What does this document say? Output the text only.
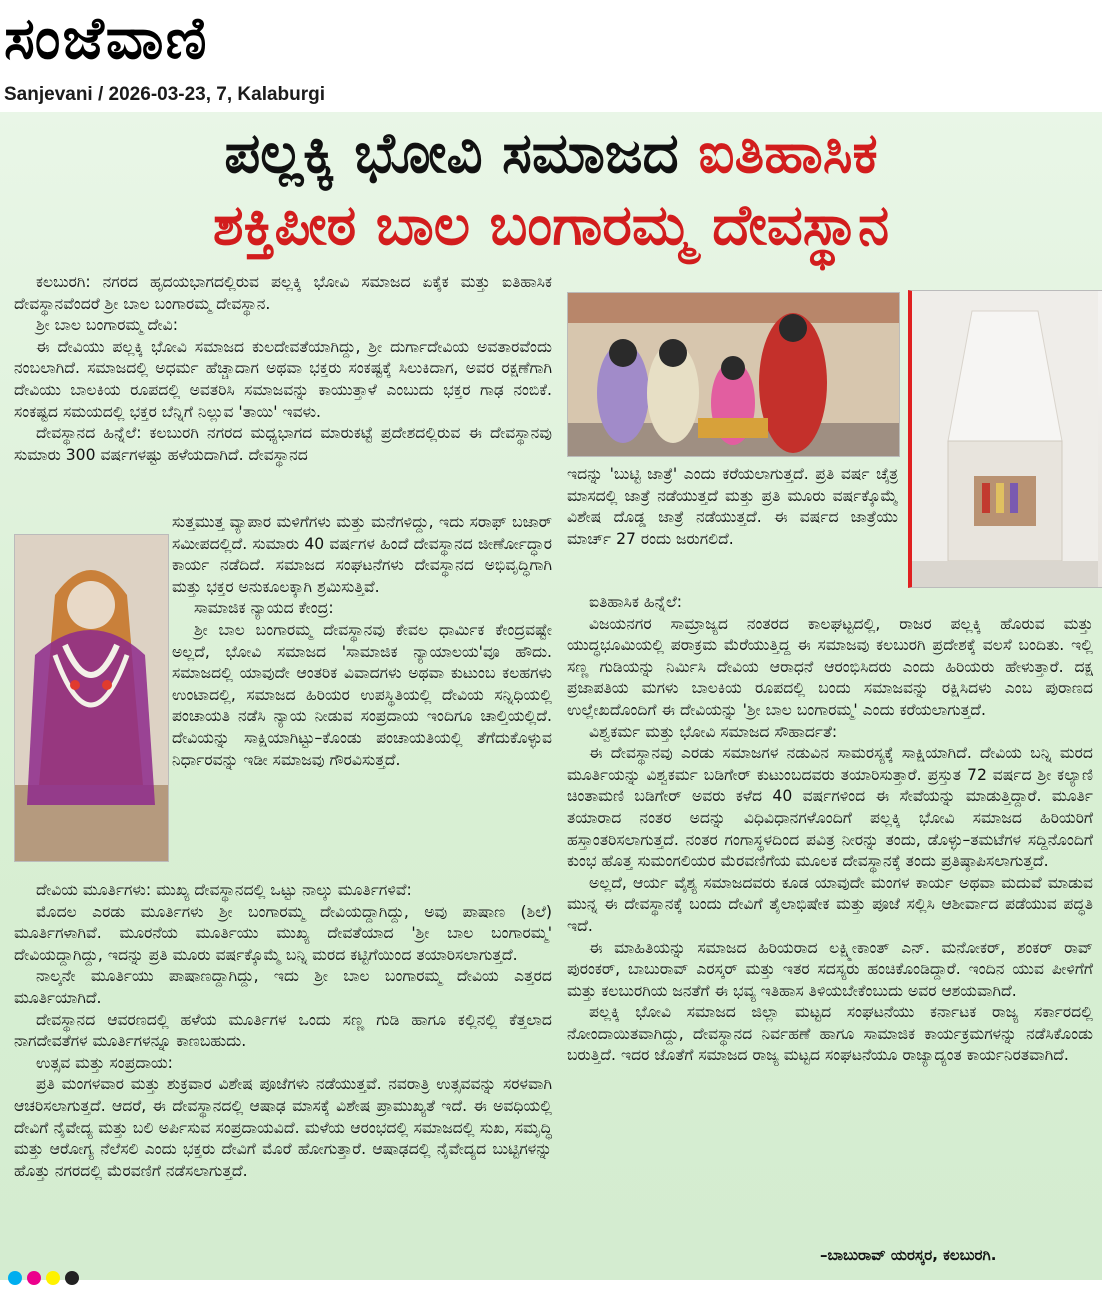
ಸಂಜೆವಾಣಿ
Sanjevani / 2026-03-23, 7, Kalaburgi
ಪಲ್ಲಕ್ಕಿ ಭೋವಿ ಸಮಾಜದ ಐತಿಹಾಸಿಕ
ಶಕ್ತಿಪೀಠ ಬಾಲ ಬಂಗಾರಮ್ಮ ದೇವಸ್ಥಾನ

ಕಲಬುರಗಿ: ನಗರದ ಹೃದಯಭಾಗದಲ್ಲಿರುವ ಪಲ್ಲಕ್ಕಿ ಭೋವಿ ಸಮಾಜದ ಏಕೈಕ ಮತ್ತು ಐತಿಹಾಸಿಕ ದೇವಸ್ಥಾನವೆಂದರೆ ಶ್ರೀ ಬಾಲ ಬಂಗಾರಮ್ಮ ದೇವಸ್ಥಾನ.

ಶ್ರೀ ಬಾಲ ಬಂಗಾರಮ್ಮ ದೇವಿ:

ಈ ದೇವಿಯು ಪಲ್ಲಕ್ಕಿ ಭೋವಿ ಸಮಾಜದ ಕುಲದೇವತೆಯಾಗಿದ್ದು, ಶ್ರೀ ದುರ್ಗಾದೇವಿಯ ಅವತಾರವೆಂದು ನಂಬಲಾಗಿದೆ. ಸಮಾಜದಲ್ಲಿ ಅಧರ್ಮ ಹೆಚ್ಚಾದಾಗ ಅಥವಾ ಭಕ್ತರು ಸಂಕಷ್ಟಕ್ಕೆ ಸಿಲುಕಿದಾಗ, ಅವರ ರಕ್ಷಣೆಗಾಗಿ ದೇವಿಯು ಬಾಲಕಿಯ ರೂಪದಲ್ಲಿ ಅವತರಿಸಿ ಸಮಾಜವನ್ನು ಕಾಯುತ್ತಾಳೆ ಎಂಬುದು ಭಕ್ತರ ಗಾಢ ನಂಬಿಕೆ. ಸಂಕಷ್ಟದ ಸಮಯದಲ್ಲಿ ಭಕ್ತರ ಬೆನ್ನಿಗೆ ನಿಲ್ಲುವ 'ತಾಯಿ' ಇವಳು.

ದೇವಸ್ಥಾನದ ಹಿನ್ನೆಲೆ: ಕಲಬುರಗಿ ನಗರದ ಮಧ್ಯಭಾಗದ ಮಾರುಕಟ್ಟೆ ಪ್ರದೇಶದಲ್ಲಿರುವ ಈ ದೇವಸ್ಥಾನವು ಸುಮಾರು 300 ವರ್ಷಗಳಷ್ಟು ಹಳೆಯದಾಗಿದೆ. ದೇವಸ್ಥಾನದ

ಸುತ್ತಮುತ್ತ ವ್ಯಾಪಾರ ಮಳಿಗೆಗಳು ಮತ್ತು ಮನೆಗಳಿದ್ದು, ಇದು ಸರಾಫ್ ಬಜಾರ್ ಸಮೀಪದಲ್ಲಿದೆ. ಸುಮಾರು 40 ವರ್ಷಗಳ ಹಿಂದೆ ದೇವಸ್ಥಾನದ ಜೀರ್ಣೋದ್ಧಾರ ಕಾರ್ಯ ನಡೆದಿದೆ. ಸಮಾಜದ ಸಂಘಟನೆಗಳು ದೇವಸ್ಥಾನದ ಅಭಿವೃದ್ಧಿಗಾಗಿ ಮತ್ತು ಭಕ್ತರ ಅನುಕೂಲಕ್ಕಾಗಿ ಶ್ರಮಿಸುತ್ತಿವೆ.

ಸಾಮಾಜಿಕ ನ್ಯಾಯದ ಕೇಂದ್ರ:

ಶ್ರೀ ಬಾಲ ಬಂಗಾರಮ್ಮ ದೇವಸ್ಥಾನವು ಕೇವಲ ಧಾರ್ಮಿಕ ಕೇಂದ್ರವಷ್ಟೇ ಅಲ್ಲದೆ, ಭೋವಿ ಸಮಾಜದ 'ಸಾಮಾಜಿಕ ನ್ಯಾಯಾಲಯ'ವೂ ಹೌದು. ಸಮಾಜದಲ್ಲಿ ಯಾವುದೇ ಆಂತರಿಕ ವಿವಾದಗಳು ಅಥವಾ ಕುಟುಂಬ ಕಲಹಗಳು ಉಂಟಾದಲ್ಲಿ, ಸಮಾಜದ ಹಿರಿಯರ ಉಪಸ್ಥಿತಿಯಲ್ಲಿ ದೇವಿಯ ಸನ್ನಿಧಿಯಲ್ಲಿ ಪಂಚಾಯತಿ ನಡೆಸಿ ನ್ಯಾಯ ನೀಡುವ ಸಂಪ್ರದಾಯ ಇಂದಿಗೂ ಚಾಲ್ತಿಯಲ್ಲಿದೆ. ದೇವಿಯನ್ನು ಸಾಕ್ಷಿಯಾಗಿಟ್ಟು–ಕೊಂಡು ಪಂಚಾಯತಿಯಲ್ಲಿ ತೆಗೆದುಕೊಳ್ಳುವ ನಿರ್ಧಾರವನ್ನು ಇಡೀ ಸಮಾಜವು ಗೌರವಿಸುತ್ತದೆ.

ದೇವಿಯ ಮೂರ್ತಿಗಳು: ಮುಖ್ಯ ದೇವಸ್ಥಾನದಲ್ಲಿ ಒಟ್ಟು ನಾಲ್ಕು ಮೂರ್ತಿಗಳಿವೆ:

ಮೊದಲ ಎರಡು ಮೂರ್ತಿಗಳು ಶ್ರೀ ಬಂಗಾರಮ್ಮ ದೇವಿಯದ್ದಾಗಿದ್ದು, ಅವು ಪಾಷಾಣ (ಶಿಲೆ) ಮೂರ್ತಿಗಳಾಗಿವೆ. ಮೂರನೆಯ ಮೂರ್ತಿಯು ಮುಖ್ಯ ದೇವತೆಯಾದ 'ಶ್ರೀ ಬಾಲ ಬಂಗಾರಮ್ಮ' ದೇವಿಯದ್ದಾಗಿದ್ದು, ಇದನ್ನು ಪ್ರತಿ ಮೂರು ವರ್ಷಕ್ಕೊಮ್ಮೆ ಬನ್ನಿ ಮರದ ಕಟ್ಟಿಗೆಯಿಂದ ತಯಾರಿಸಲಾಗುತ್ತದೆ.

ನಾಲ್ಕನೇ ಮೂರ್ತಿಯು ಪಾಷಾಣದ್ದಾಗಿದ್ದು, ಇದು ಶ್ರೀ ಬಾಲ ಬಂಗಾರಮ್ಮ ದೇವಿಯ ಎತ್ತರದ ಮೂರ್ತಿಯಾಗಿದೆ.

ದೇವಸ್ಥಾನದ ಆವರಣದಲ್ಲಿ ಹಳೆಯ ಮೂರ್ತಿಗಳ ಒಂದು ಸಣ್ಣ ಗುಡಿ ಹಾಗೂ ಕಲ್ಲಿನಲ್ಲಿ ಕೆತ್ತಲಾದ ನಾಗದೇವತೆಗಳ ಮೂರ್ತಿಗಳನ್ನೂ ಕಾಣಬಹುದು.

ಉತ್ಸವ ಮತ್ತು ಸಂಪ್ರದಾಯ:

ಪ್ರತಿ ಮಂಗಳವಾರ ಮತ್ತು ಶುಕ್ರವಾರ ವಿಶೇಷ ಪೂಜೆಗಳು ನಡೆಯುತ್ತವೆ. ನವರಾತ್ರಿ ಉತ್ಸವವನ್ನು ಸರಳವಾಗಿ ಆಚರಿಸಲಾಗುತ್ತದೆ. ಆದರೆ, ಈ ದೇವಸ್ಥಾನದಲ್ಲಿ ಆಷಾಢ ಮಾಸಕ್ಕೆ ವಿಶೇಷ ಪ್ರಾಮುಖ್ಯತೆ ಇದೆ. ಈ ಅವಧಿಯಲ್ಲಿ ದೇವಿಗೆ ನೈವೇದ್ಯ ಮತ್ತು ಬಲಿ ಅರ್ಪಿಸುವ ಸಂಪ್ರದಾಯವಿದೆ. ಮಳೆಯ ಆರಂಭದಲ್ಲಿ ಸಮಾಜದಲ್ಲಿ ಸುಖ, ಸಮೃದ್ಧಿ ಮತ್ತು ಆರೋಗ್ಯ ನೆಲೆಸಲಿ ಎಂದು ಭಕ್ತರು ದೇವಿಗೆ ಮೊರೆ ಹೋಗುತ್ತಾರೆ. ಆಷಾಢದಲ್ಲಿ ನೈವೇದ್ಯದ ಬುಟ್ಟಿಗಳನ್ನು ಹೊತ್ತು ನಗರದಲ್ಲಿ ಮೆರವಣಿಗೆ ನಡೆಸಲಾಗುತ್ತದೆ.

ಇದನ್ನು 'ಬುಟ್ಟಿ ಜಾತ್ರೆ' ಎಂದು ಕರೆಯಲಾಗುತ್ತದೆ. ಪ್ರತಿ ವರ್ಷ ಚೈತ್ರ ಮಾಸದಲ್ಲಿ ಜಾತ್ರೆ ನಡೆಯುತ್ತದೆ ಮತ್ತು ಪ್ರತಿ ಮೂರು ವರ್ಷಕ್ಕೊಮ್ಮೆ ವಿಶೇಷ ದೊಡ್ಡ ಜಾತ್ರೆ ನಡೆಯುತ್ತದೆ. ಈ ವರ್ಷದ ಜಾತ್ರೆಯು ಮಾರ್ಚ್ 27 ರಂದು ಜರುಗಲಿದೆ.

ಐತಿಹಾಸಿಕ ಹಿನ್ನೆಲೆ:

ವಿಜಯನಗರ ಸಾಮ್ರಾಜ್ಯದ ನಂತರದ ಕಾಲಘಟ್ಟದಲ್ಲಿ, ರಾಜರ ಪಲ್ಲಕ್ಕಿ ಹೊರುವ ಮತ್ತು ಯುದ್ಧಭೂಮಿಯಲ್ಲಿ ಪರಾಕ್ರಮ ಮೆರೆಯುತ್ತಿದ್ದ ಈ ಸಮಾಜವು ಕಲಬುರಗಿ ಪ್ರದೇಶಕ್ಕೆ ವಲಸೆ ಬಂದಿತು. ಇಲ್ಲಿ ಸಣ್ಣ ಗುಡಿಯನ್ನು ನಿರ್ಮಿಸಿ ದೇವಿಯ ಆರಾಧನೆ ಆರಂಭಿಸಿದರು ಎಂದು ಹಿರಿಯರು ಹೇಳುತ್ತಾರೆ. ದಕ್ಷ ಪ್ರಜಾಪತಿಯ ಮಗಳು ಬಾಲಕಿಯ ರೂಪದಲ್ಲಿ ಬಂದು ಸಮಾಜವನ್ನು ರಕ್ಷಿಸಿದಳು ಎಂಬ ಪುರಾಣದ ಉಲ್ಲೇಖದೊಂದಿಗೆ ಈ ದೇವಿಯನ್ನು 'ಶ್ರೀ ಬಾಲ ಬಂಗಾರಮ್ಮ' ಎಂದು ಕರೆಯಲಾಗುತ್ತದೆ.

ವಿಶ್ವಕರ್ಮ ಮತ್ತು ಭೋವಿ ಸಮಾಜದ ಸೌಹಾರ್ದತೆ:

ಈ ದೇವಸ್ಥಾನವು ಎರಡು ಸಮಾಜಗಳ ನಡುವಿನ ಸಾಮರಸ್ಯಕ್ಕೆ ಸಾಕ್ಷಿಯಾಗಿದೆ. ದೇವಿಯ ಬನ್ನಿ ಮರದ ಮೂರ್ತಿಯನ್ನು ವಿಶ್ವಕರ್ಮ ಬಡಿಗೇರ್ ಕುಟುಂಬದವರು ತಯಾರಿಸುತ್ತಾರೆ. ಪ್ರಸ್ತುತ 72 ವರ್ಷದ ಶ್ರೀ ಕಲ್ಯಾಣಿ ಚಿಂತಾಮಣಿ ಬಡಿಗೇರ್ ಅವರು ಕಳೆದ 40 ವರ್ಷಗಳಿಂದ ಈ ಸೇವೆಯನ್ನು ಮಾಡುತ್ತಿದ್ದಾರೆ. ಮೂರ್ತಿ ತಯಾರಾದ ನಂತರ ಅದನ್ನು ವಿಧಿವಿಧಾನಗಳೊಂದಿಗೆ ಪಲ್ಲಕ್ಕಿ ಭೋವಿ ಸಮಾಜದ ಹಿರಿಯರಿಗೆ ಹಸ್ತಾಂತರಿಸಲಾಗುತ್ತದೆ. ನಂತರ ಗಂಗಾಸ್ಥಳದಿಂದ ಪವಿತ್ರ ನೀರನ್ನು ತಂದು, ಡೊಳ್ಳು–ತಮಟೆಗಳ ಸದ್ದಿನೊಂದಿಗೆ ಕುಂಭ ಹೊತ್ತ ಸುಮಂಗಲಿಯರ ಮೆರವಣಿಗೆಯ ಮೂಲಕ ದೇವಸ್ಥಾನಕ್ಕೆ ತಂದು ಪ್ರತಿಷ್ಠಾಪಿಸಲಾಗುತ್ತದೆ.

ಅಲ್ಲದೆ, ಆರ್ಯ ವೈಶ್ಯ ಸಮಾಜದವರು ಕೂಡ ಯಾವುದೇ ಮಂಗಳ ಕಾರ್ಯ ಅಥವಾ ಮದುವೆ ಮಾಡುವ ಮುನ್ನ ಈ ದೇವಸ್ಥಾನಕ್ಕೆ ಬಂದು ದೇವಿಗೆ ತೈಲಾಭಿಷೇಕ ಮತ್ತು ಪೂಜೆ ಸಲ್ಲಿಸಿ ಆಶೀರ್ವಾದ ಪಡೆಯುವ ಪದ್ಧತಿ ಇದೆ.

ಈ ಮಾಹಿತಿಯನ್ನು ಸಮಾಜದ ಹಿರಿಯರಾದ ಲಕ್ಷ್ಮೀಕಾಂತ್ ಎನ್. ಮನೋಕರ್, ಶಂಕರ್ ರಾವ್ ಪುರಂಕರ್, ಬಾಬುರಾವ್ ಎರಸ್ಕರ್ ಮತ್ತು ಇತರ ಸದಸ್ಯರು ಹಂಚಿಕೊಂಡಿದ್ದಾರೆ. ಇಂದಿನ ಯುವ ಪೀಳಿಗೆಗೆ ಮತ್ತು ಕಲಬುರಗಿಯ ಜನತೆಗೆ ಈ ಭವ್ಯ ಇತಿಹಾಸ ತಿಳಿಯಬೇಕೆಂಬುದು ಅವರ ಆಶಯವಾಗಿದೆ.

ಪಲ್ಲಕ್ಕಿ ಭೋವಿ ಸಮಾಜದ ಜಿಲ್ಲಾ ಮಟ್ಟದ ಸಂಘಟನೆಯು ಕರ್ನಾಟಕ ರಾಜ್ಯ ಸರ್ಕಾರದಲ್ಲಿ ನೋಂದಾಯಿತವಾಗಿದ್ದು, ದೇವಸ್ಥಾನದ ನಿರ್ವಹಣೆ ಹಾಗೂ ಸಾಮಾಜಿಕ ಕಾರ್ಯಕ್ರಮಗಳನ್ನು ನಡೆಸಿಕೊಂಡು ಬರುತ್ತಿದೆ. ಇದರ ಜೊತೆಗೆ ಸಮಾಜದ ರಾಜ್ಯ ಮಟ್ಟದ ಸಂಘಟನೆಯೂ ರಾಜ್ಯಾದ್ಯಂತ ಕಾರ್ಯನಿರತವಾಗಿದೆ.

–ಬಾಬುರಾವ್ ಯರಸ್ಕರ, ಕಲಬುರಗಿ.
